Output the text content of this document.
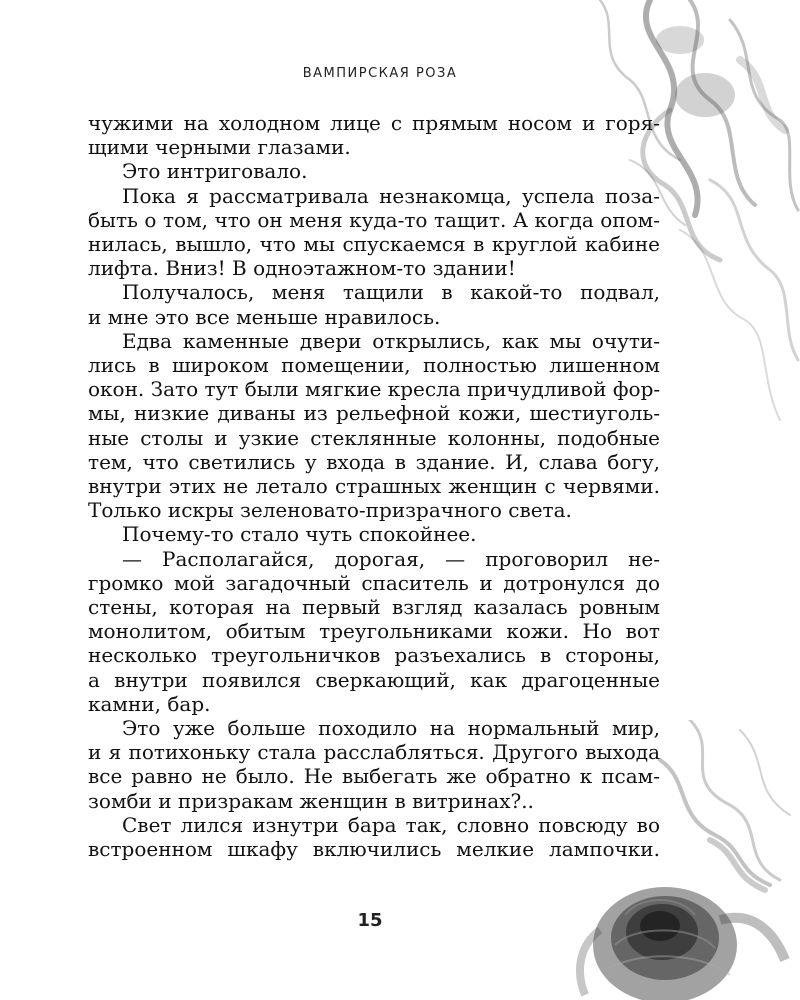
ВАМПИРСКАЯ РОЗА
чужими на холодном лице с прямым носом и горя-
щими черными глазами.
Это интриговало.
Пока я рассматривала незнакомца, успела поза-
быть о том, что он меня куда-то тащит. А когда опом-
нилась, вышло, что мы спускаемся в круглой кабине
лифта. Вниз! В одноэтажном-то здании!
Получалось, меня тащили в какой-то подвал,
и мне это все меньше нравилось.
Едва каменные двери открылись, как мы очути-
лись в широком помещении, полностью лишенном
окон. Зато тут были мягкие кресла причудливой фор-
мы, низкие диваны из рельефной кожи, шестиуголь-
ные столы и узкие стеклянные колонны, подобные
тем, что светились у входа в здание. И, слава богу,
внутри этих не летало страшных женщин с червями.
Только искры зеленовато-призрачного света.
Почему-то стало чуть спокойнее.
— Располагайся, дорогая, — проговорил не-
громко мой загадочный спаситель и дотронулся до
стены, которая на первый взгляд казалась ровным
монолитом, обитым треугольниками кожи. Но вот
несколько треугольничков разъехались в стороны,
а внутри появился сверкающий, как драгоценные
камни, бар.
Это уже больше походило на нормальный мир,
и я потихоньку стала расслабляться. Другого выхода
все равно не было. Не выбегать же обратно к псам-
зомби и призракам женщин в витринах?..
Свет лился изнутри бара так, словно повсюду во
встроенном шкафу включились мелкие лампочки.
15
